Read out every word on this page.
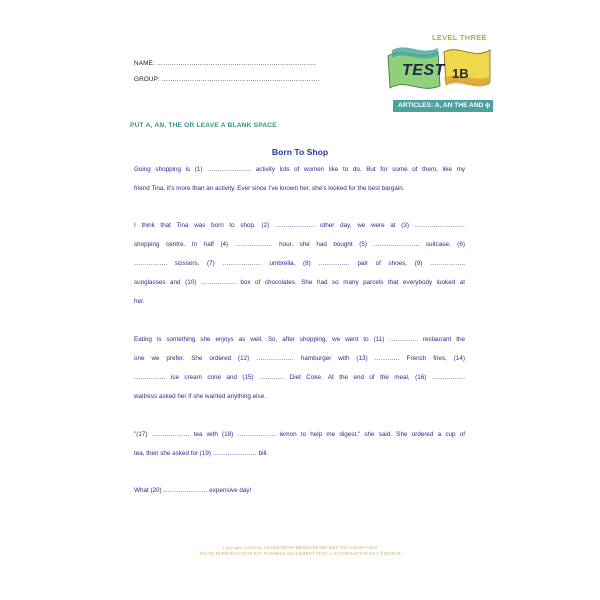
NAME: ………………………………………………………………..
GROUP: ……………………………………………………………….
LEVEL THREE
TEST 1B
ARTICLES: A, AN THE AND ϕ
PUT A, AN, THE OR LEAVE A BLANK SPACE
Born To Shop
Going shopping is (1) ………………… activity lots of women like to do. But for some of them, like my
friend Tina, it's more than an activity. Ever since I've known her, she's looked for the best bargain.
I think that Tina was born to shop. (2) ………………. other day, we were at (3) ……………………
shopping centre. In half (4) ……………… hour, she had bought (5) …………………. suitcase, (6)
……………. scissors, (7) ………………. umbrella, (8) …………… pair of shoes, (9) ……………..
sunglasses and (10) …………….. box of chocolates. She had so many parcels that everybody looked at
her.
Eating is something she enjoys as well. So, after shopping, we went to (11) ………….. restaurant the
one we prefer. She ordered (12) ……………… hamburger with (13) ………… French fries, (14)
…………… ice cream cone and (15) ………… Diet Coke. At the end of the meal, (16) …………….
waitress asked her if she wanted anything else.
"(17) ……………… tea with (18) ……………… lemon to help me digest," she said. She ordered a cup of
tea, then she asked for (19) ………………… bill.
What (20) ………………… expensive day!
Copyright ©2010 by LES ÉDITIONS BRAKESPEARE ISBN 978-2-922833-44-8
TOUTE REPRODUCTION EST POSSIBLE SEULEMENT AVEC L'AUTORISATION DE L'ÉDITEUR
